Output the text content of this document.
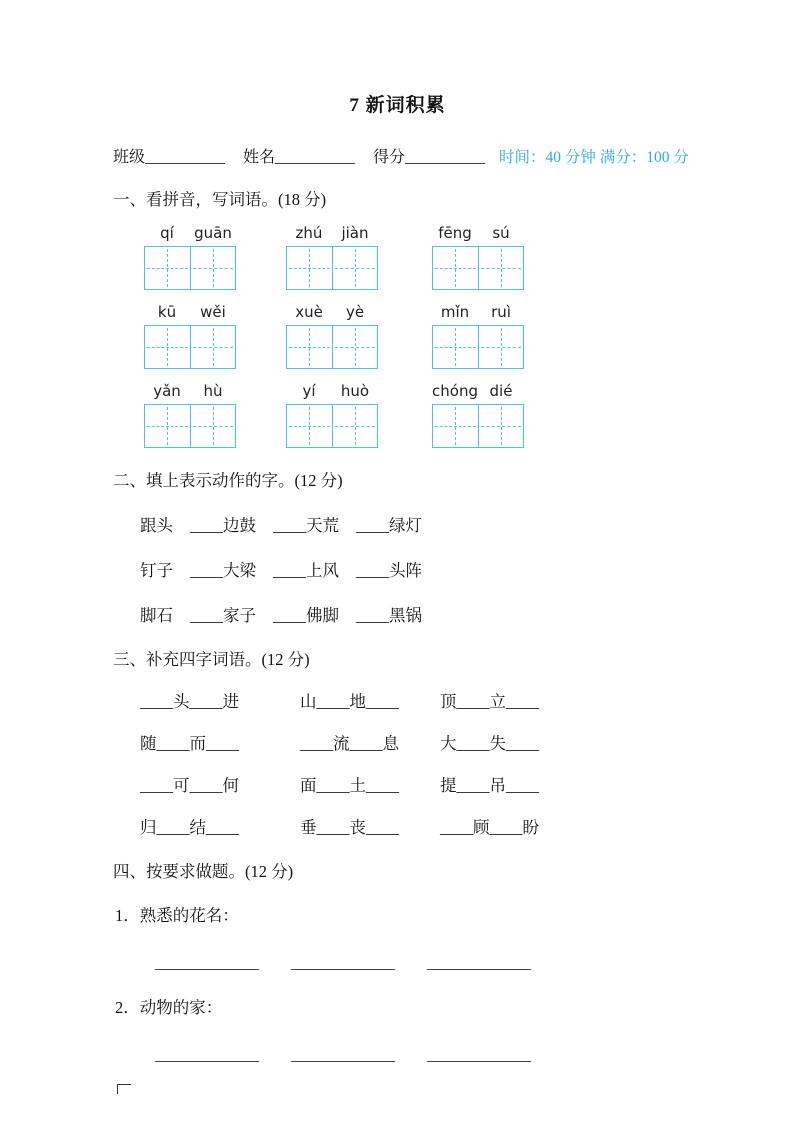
7 新词积累
班级__________ 姓名__________ 得分__________ 时间：40 分钟 满分：100 分
一、看拼音，写词语。(18 分)
qí	guān	zhú	jiàn	fēng	sú
kū	wěi	xuè	yè	mǐn	ruì
yǎn	hù	yí	huò	chóng dié
二、填上表示动作的字。(12 分)
跟头 ____边鼓 ____天荒 ____绿灯
钉子 ____大梁 ____上风 ____头阵
脚石 ____家子 ____佛脚 ____黑锅
三、补充四字词语。(12 分)
____头____进	山____地____	顶____立____
随____而____	____流____息	大____失____
____可____何	面____土____	提____吊____
归____结____	垂____丧____	____顾____盼
四、按要求做题。(12 分)
1．熟悉的花名：
_____________ _____________ _____________
2．动物的家：
_____________ _____________ _____________
